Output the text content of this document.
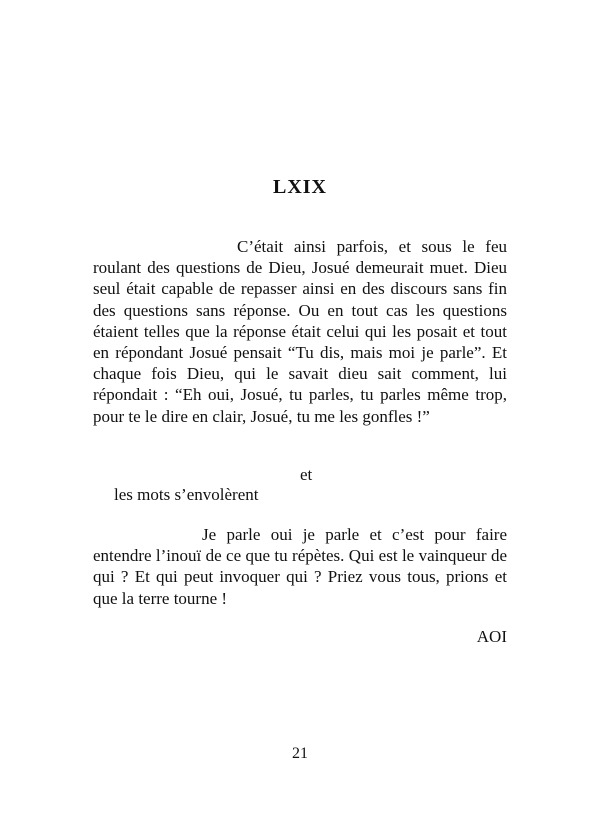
LXIX

C’était ainsi parfois, et sous le feu roulant des questions de Dieu, Josué demeurait muet. Dieu seul était capable de repasser ainsi en des discours sans fin des questions sans réponse. Ou en tout cas les questions étaient telles que la réponse était celui qui les posait et tout en répondant Josué pensait “Tu dis, mais moi je parle”. Et chaque fois Dieu, qui le savait dieu sait comment, lui répondait : “Eh oui, Josué, tu parles, tu parles même trop, pour te le dire en clair, Josué, tu me les gonfles !”

et
les mots s’envolèrent

Je parle oui je parle et c’est pour faire entendre l’inouï de ce que tu répètes. Qui est le vainqueur de qui ? Et qui peut invoquer qui ? Priez vous tous, prions et que la terre tourne !

AOI
21
